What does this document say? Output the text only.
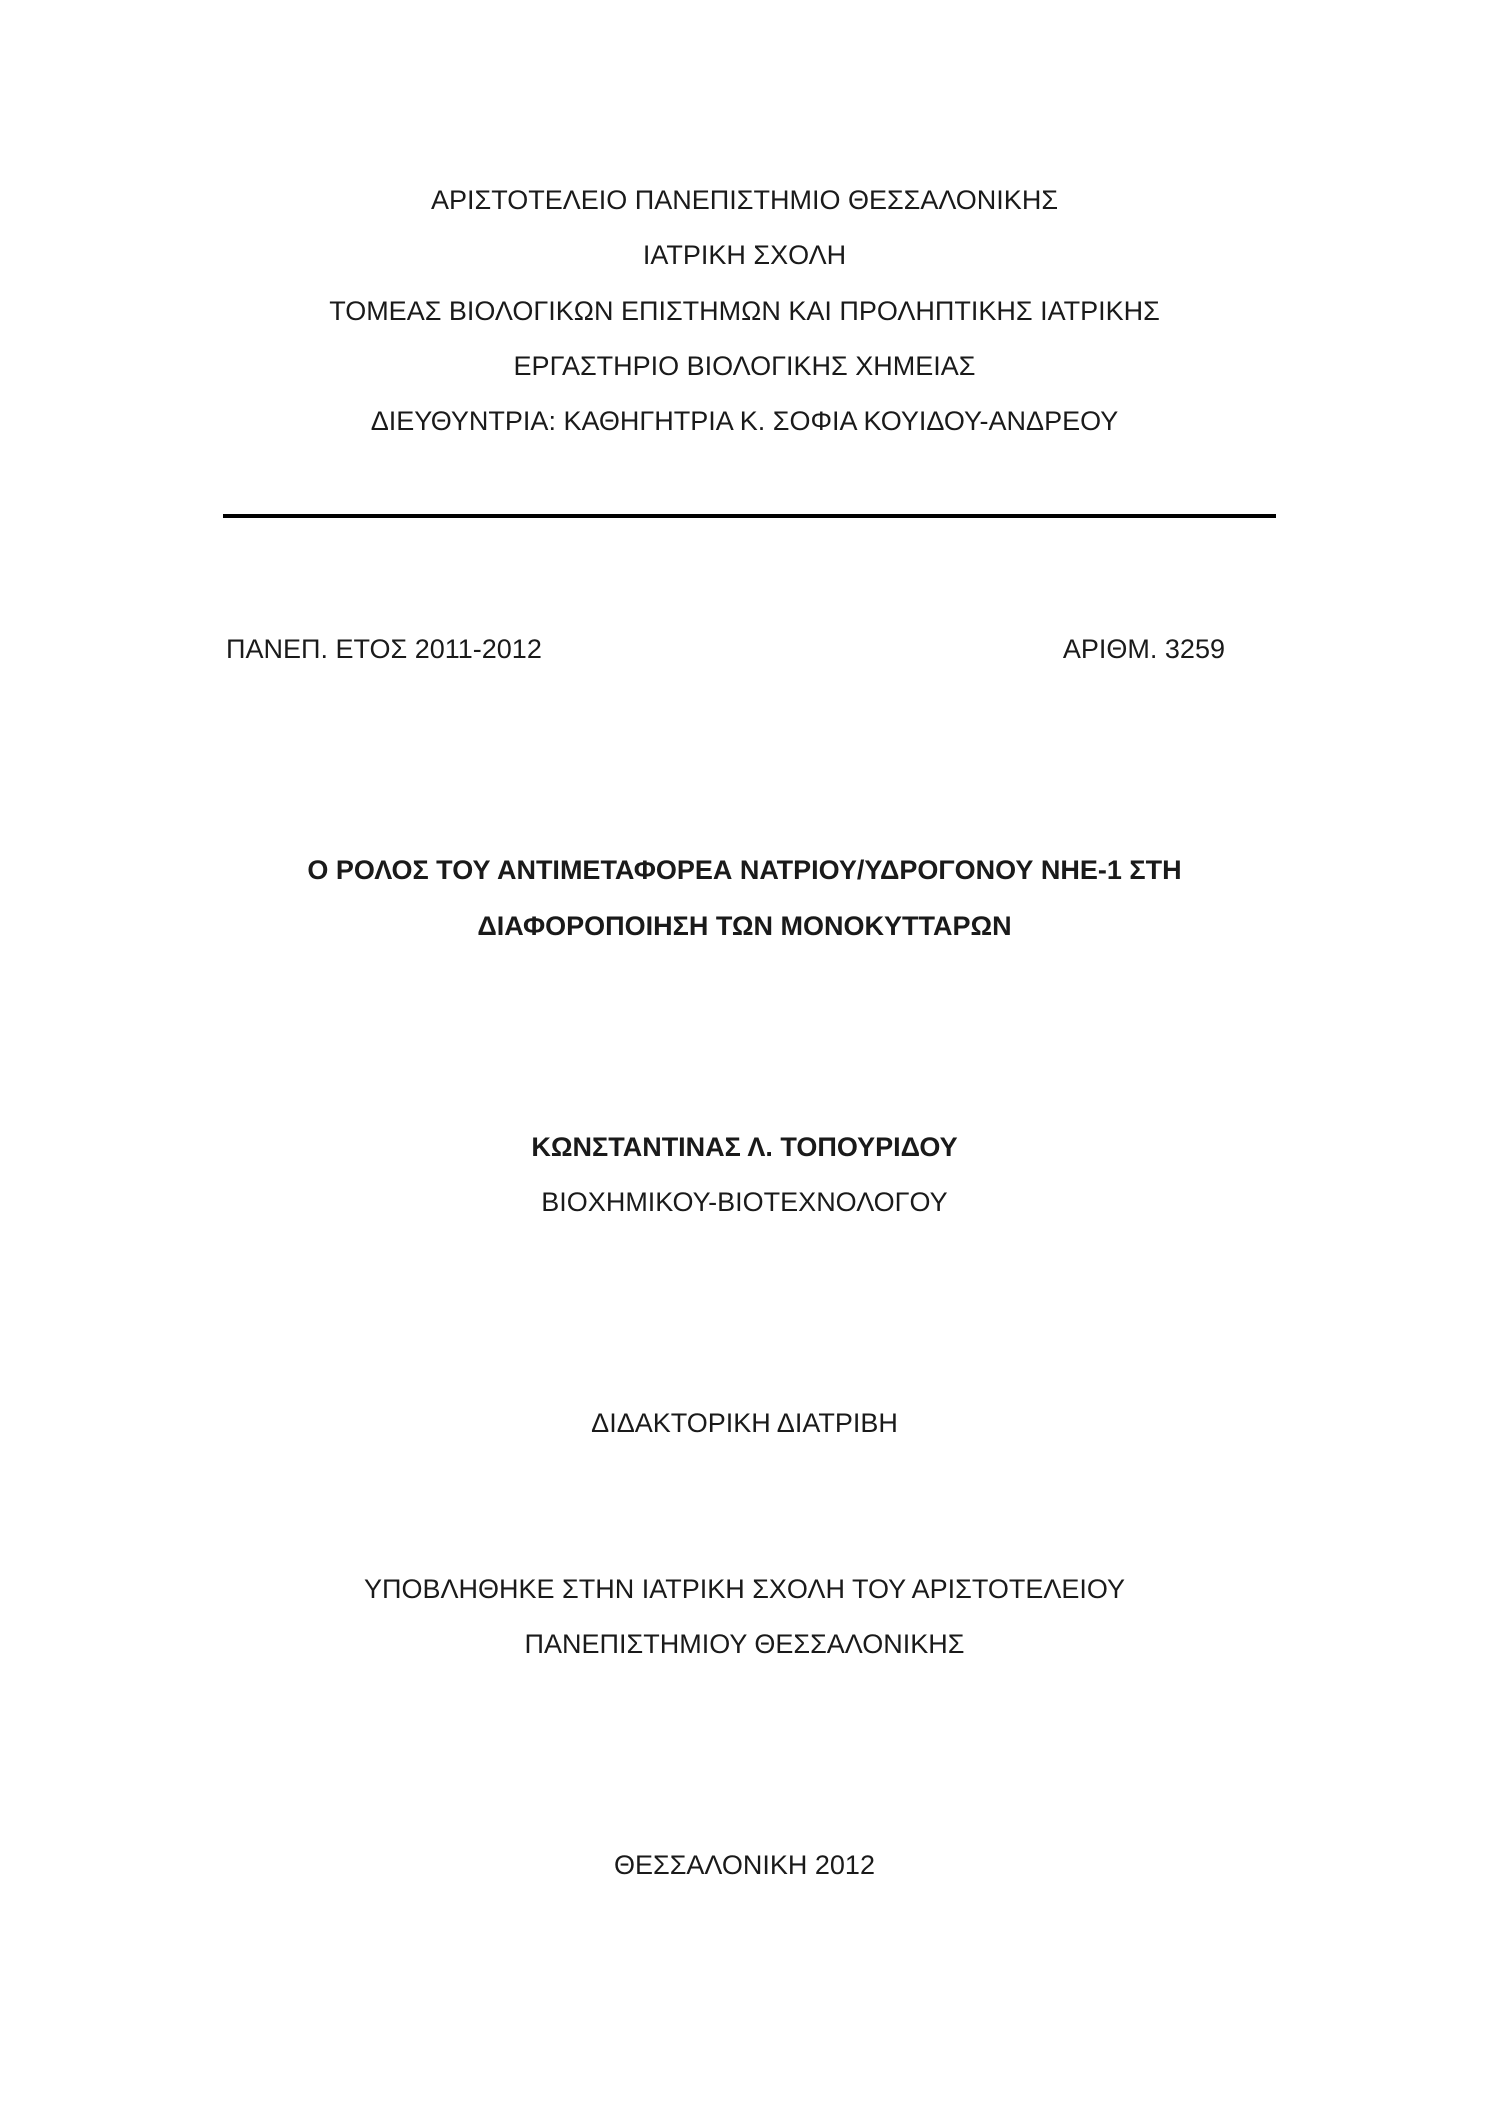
ΑΡΙΣΤΟΤΕΛΕΙΟ ΠΑΝΕΠΙΣΤΗΜΙΟ ΘΕΣΣΑΛΟΝΙΚΗΣ
ΙΑΤΡΙΚΗ ΣΧΟΛΗ
ΤΟΜΕΑΣ ΒΙΟΛΟΓΙΚΩΝ ΕΠΙΣΤΗΜΩΝ ΚΑΙ ΠΡΟΛΗΠΤΙΚΗΣ ΙΑΤΡΙΚΗΣ
ΕΡΓΑΣΤΗΡΙΟ ΒΙΟΛΟΓΙΚΗΣ ΧΗΜΕΙΑΣ
ΔΙΕΥΘΥΝΤΡΙΑ: ΚΑΘΗΓΗΤΡΙΑ Κ. ΣΟΦΙΑ ΚΟΥΙΔΟΥ-ΑΝΔΡΕΟΥ
ΠΑΝΕΠ. ΕΤΟΣ 2011-2012	ΑΡΙΘΜ. 3259
Ο ΡΟΛΟΣ ΤΟΥ ΑΝΤΙΜΕΤΑΦΟΡΕΑ ΝΑΤΡΙΟΥ/ΥΔΡΟΓΟΝΟΥ NHE-1 ΣΤΗ
ΔΙΑΦΟΡΟΠΟΙΗΣΗ ΤΩΝ ΜΟΝΟΚΥΤΤΑΡΩΝ
ΚΩΝΣΤΑΝΤΙΝΑΣ Λ. ΤΟΠΟΥΡΙΔΟΥ
ΒΙΟΧΗΜΙΚΟΥ-ΒΙΟΤΕΧΝΟΛΟΓΟΥ
ΔΙΔΑΚΤΟΡΙΚΗ ΔΙΑΤΡΙΒΗ
ΥΠΟΒΛΗΘΗΚΕ ΣΤΗΝ ΙΑΤΡΙΚΗ ΣΧΟΛΗ ΤΟΥ ΑΡΙΣΤΟΤΕΛΕΙΟΥ
ΠΑΝΕΠΙΣΤΗΜΙΟΥ ΘΕΣΣΑΛΟΝΙΚΗΣ
ΘΕΣΣΑΛΟΝΙΚΗ 2012
